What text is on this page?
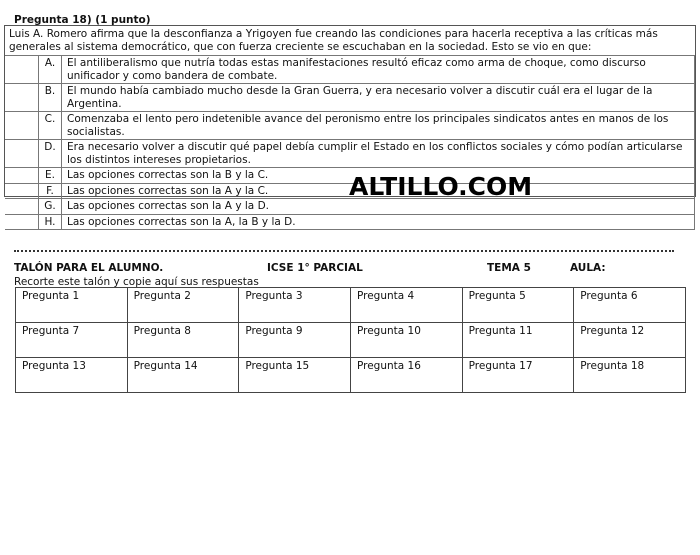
Pregunta 18) (1 punto)
Luis A. Romero afirma que la desconfianza a Yrigoyen fue creando las condiciones para hacerla receptiva a las críticas más generales al sistema democrático, que con fuerza creciente se escuchaban en la sociedad. Esto se vio en que:
	A.	El antiliberalismo que nutría todas estas manifestaciones resultó eficaz como arma de choque, como discurso unificador y como bandera de combate.
	B.	El mundo había cambiado mucho desde la Gran Guerra, y era necesario volver a discutir cuál era el lugar de la Argentina.
	C.	Comenzaba el lento pero indetenible avance del peronismo entre los principales sindicatos antes en manos de los socialistas.
	D.	Era necesario volver a discutir qué papel debía cumplir el Estado en los conflictos sociales y cómo podían articularse los distintos intereses propietarios.
	E.	Las opciones correctas son la B y la C.
	F.	Las opciones correctas son la A y la C.
	G.	Las opciones correctas son la A y la D.
	H.	Las opciones correctas son la A, la B y la D.
ALTILLO.COM
TALÓN PARA EL ALUMNO.	ICSE 1° PARCIAL	TEMA 5	AULA:
Recorte este talón y copie aquí sus respuestas
Pregunta 1	Pregunta 2	Pregunta 3	Pregunta 4	Pregunta 5	Pregunta 6
Pregunta 7	Pregunta 8	Pregunta 9	Pregunta 10	Pregunta 11	Pregunta 12
Pregunta 13	Pregunta 14	Pregunta 15	Pregunta 16	Pregunta 17	Pregunta 18
